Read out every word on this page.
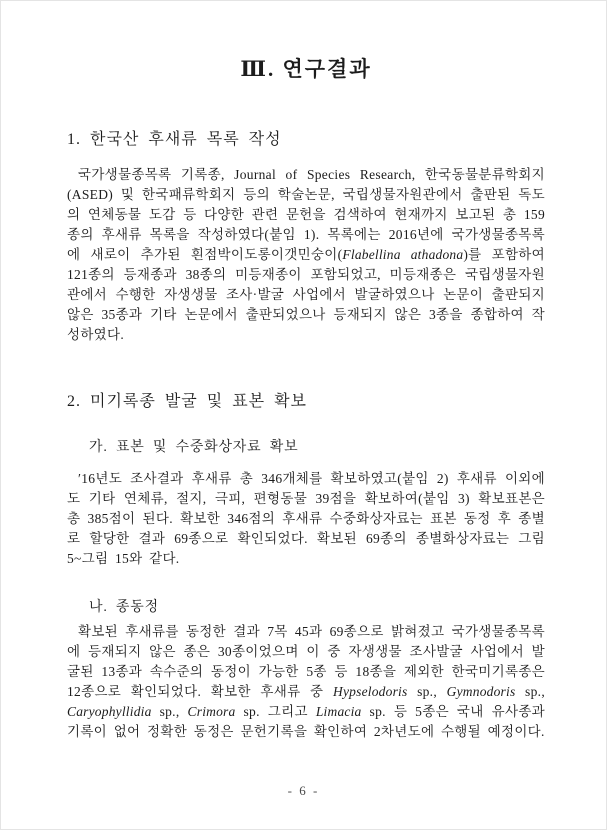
Ⅲ. 연구결과
1. 한국산 후새류 목록 작성

국가생물종목록 기록종, Journal of Species Research, 한국동물분류학회지 (ASED) 및 한국패류학회지 등의 학술논문, 국립생물자원관에서 출판된 독도의 연체동물 도감 등 다양한 관련 문헌을 검색하여 현재까지 보고된 총 159종의 후새류 목록을 작성하였다(붙임 1). 목록에는 2016년에 국가생물종목록에 새로이 추가된 흰점박이도롱이갯민숭이(Flabellina athadona)를 포함하여 121종의 등재종과 38종의 미등재종이 포함되었고, 미등재종은 국립생물자원관에서 수행한 자생생물 조사·발굴 사업에서 발굴하였으나 논문이 출판되지 않은 35종과 기타 논문에서 출판되었으나 등재되지 않은 3종을 종합하여 작성하였다.

2. 미기록종 발굴 및 표본 확보
가. 표본 및 수중화상자료 확보

′16년도 조사결과 후새류 총 346개체를 확보하였고(붙임 2) 후새류 이외에도 기타 연체류, 절지, 극피, 편형동물 39점을 확보하여(붙임 3) 확보표본은 총 385점이 된다. 확보한 346점의 후새류 수중화상자료는 표본 동정 후 종별로 할당한 결과 69종으로 확인되었다. 확보된 69종의 종별화상자료는 그림 5~그림 15와 같다.

나. 종동정

확보된 후새류를 동정한 결과 7목 45과 69종으로 밝혀졌고 국가생물종목록에 등재되지 않은 종은 30종이었으며 이 중 자생생물 조사발굴 사업에서 발굴된 13종과 속수준의 동정이 가능한 5종 등 18종을 제외한 한국미기록종은 12종으로 확인되었다. 확보한 후새류 중 Hypselodoris sp., Gymnodoris sp., Caryophyllidia sp., Crimora sp. 그리고 Limacia sp. 등 5종은 국내 유사종과 기록이 없어 정확한 동정은 문헌기록을 확인하여 2차년도에 수행될 예정이다.

- 6 -
